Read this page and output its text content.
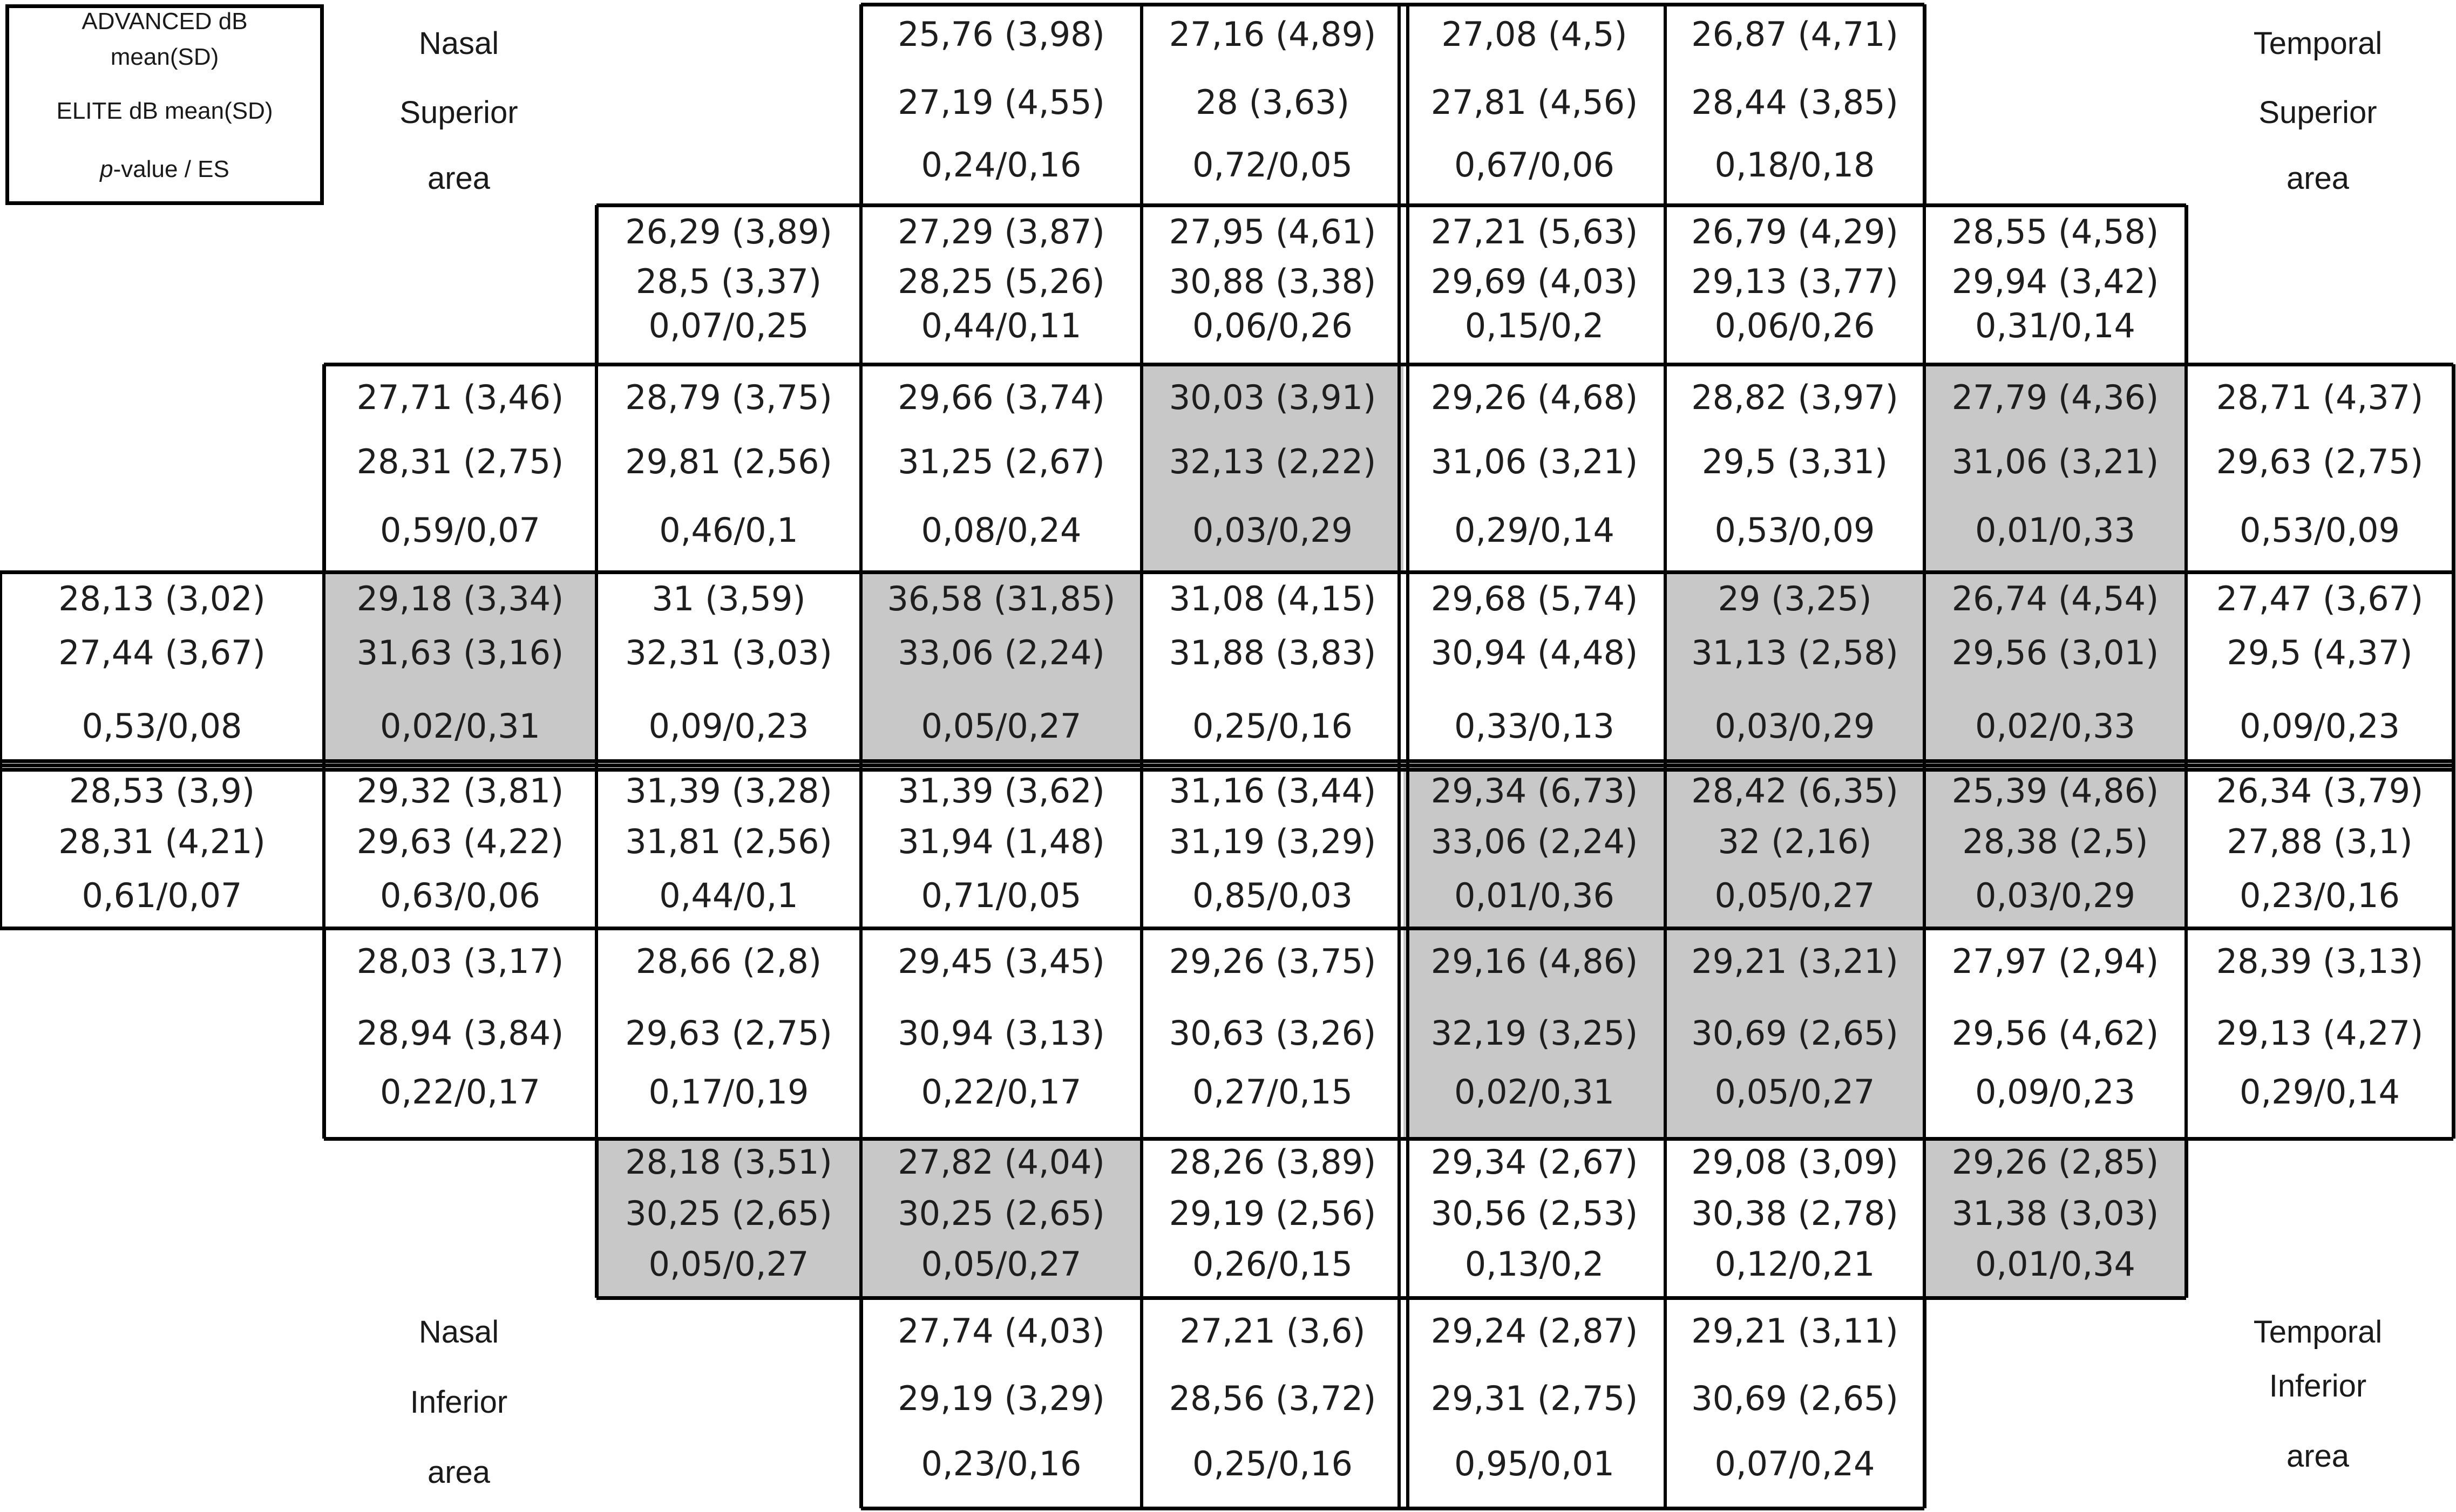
ADVANCED dB
mean(SD)
ELITE dB mean(SD)
p-value / ES
Nasal
Superior
area
Temporal
Superior
area
Nasal
Inferior
area
Temporal
Inferior
area
25,76 (3,98)
27,19 (4,55)
0,24/0,16
27,16 (4,89)
28 (3,63)
0,72/0,05
27,08 (4,5)
27,81 (4,56)
0,67/0,06
26,87 (4,71)
28,44 (3,85)
0,18/0,18
26,29 (3,89)
28,5 (3,37)
0,07/0,25
27,29 (3,87)
28,25 (5,26)
0,44/0,11
27,95 (4,61)
30,88 (3,38)
0,06/0,26
27,21 (5,63)
29,69 (4,03)
0,15/0,2
26,79 (4,29)
29,13 (3,77)
0,06/0,26
28,55 (4,58)
29,94 (3,42)
0,31/0,14
27,71 (3,46)
28,31 (2,75)
0,59/0,07
28,79 (3,75)
29,81 (2,56)
0,46/0,1
29,66 (3,74)
31,25 (2,67)
0,08/0,24
30,03 (3,91)
32,13 (2,22)
0,03/0,29
29,26 (4,68)
31,06 (3,21)
0,29/0,14
28,82 (3,97)
29,5 (3,31)
0,53/0,09
27,79 (4,36)
31,06 (3,21)
0,01/0,33
28,71 (4,37)
29,63 (2,75)
0,53/0,09
28,13 (3,02)
27,44 (3,67)
0,53/0,08
29,18 (3,34)
31,63 (3,16)
0,02/0,31
31 (3,59)
32,31 (3,03)
0,09/0,23
36,58 (31,85)
33,06 (2,24)
0,05/0,27
31,08 (4,15)
31,88 (3,83)
0,25/0,16
29,68 (5,74)
30,94 (4,48)
0,33/0,13
29 (3,25)
31,13 (2,58)
0,03/0,29
26,74 (4,54)
29,56 (3,01)
0,02/0,33
27,47 (3,67)
29,5 (4,37)
0,09/0,23
28,53 (3,9)
28,31 (4,21)
0,61/0,07
29,32 (3,81)
29,63 (4,22)
0,63/0,06
31,39 (3,28)
31,81 (2,56)
0,44/0,1
31,39 (3,62)
31,94 (1,48)
0,71/0,05
31,16 (3,44)
31,19 (3,29)
0,85/0,03
29,34 (6,73)
33,06 (2,24)
0,01/0,36
28,42 (6,35)
32 (2,16)
0,05/0,27
25,39 (4,86)
28,38 (2,5)
0,03/0,29
26,34 (3,79)
27,88 (3,1)
0,23/0,16
28,03 (3,17)
28,94 (3,84)
0,22/0,17
28,66 (2,8)
29,63 (2,75)
0,17/0,19
29,45 (3,45)
30,94 (3,13)
0,22/0,17
29,26 (3,75)
30,63 (3,26)
0,27/0,15
29,16 (4,86)
32,19 (3,25)
0,02/0,31
29,21 (3,21)
30,69 (2,65)
0,05/0,27
27,97 (2,94)
29,56 (4,62)
0,09/0,23
28,39 (3,13)
29,13 (4,27)
0,29/0,14
28,18 (3,51)
30,25 (2,65)
0,05/0,27
27,82 (4,04)
30,25 (2,65)
0,05/0,27
28,26 (3,89)
29,19 (2,56)
0,26/0,15
29,34 (2,67)
30,56 (2,53)
0,13/0,2
29,08 (3,09)
30,38 (2,78)
0,12/0,21
29,26 (2,85)
31,38 (3,03)
0,01/0,34
27,74 (4,03)
29,19 (3,29)
0,23/0,16
27,21 (3,6)
28,56 (3,72)
0,25/0,16
29,24 (2,87)
29,31 (2,75)
0,95/0,01
29,21 (3,11)
30,69 (2,65)
0,07/0,24
